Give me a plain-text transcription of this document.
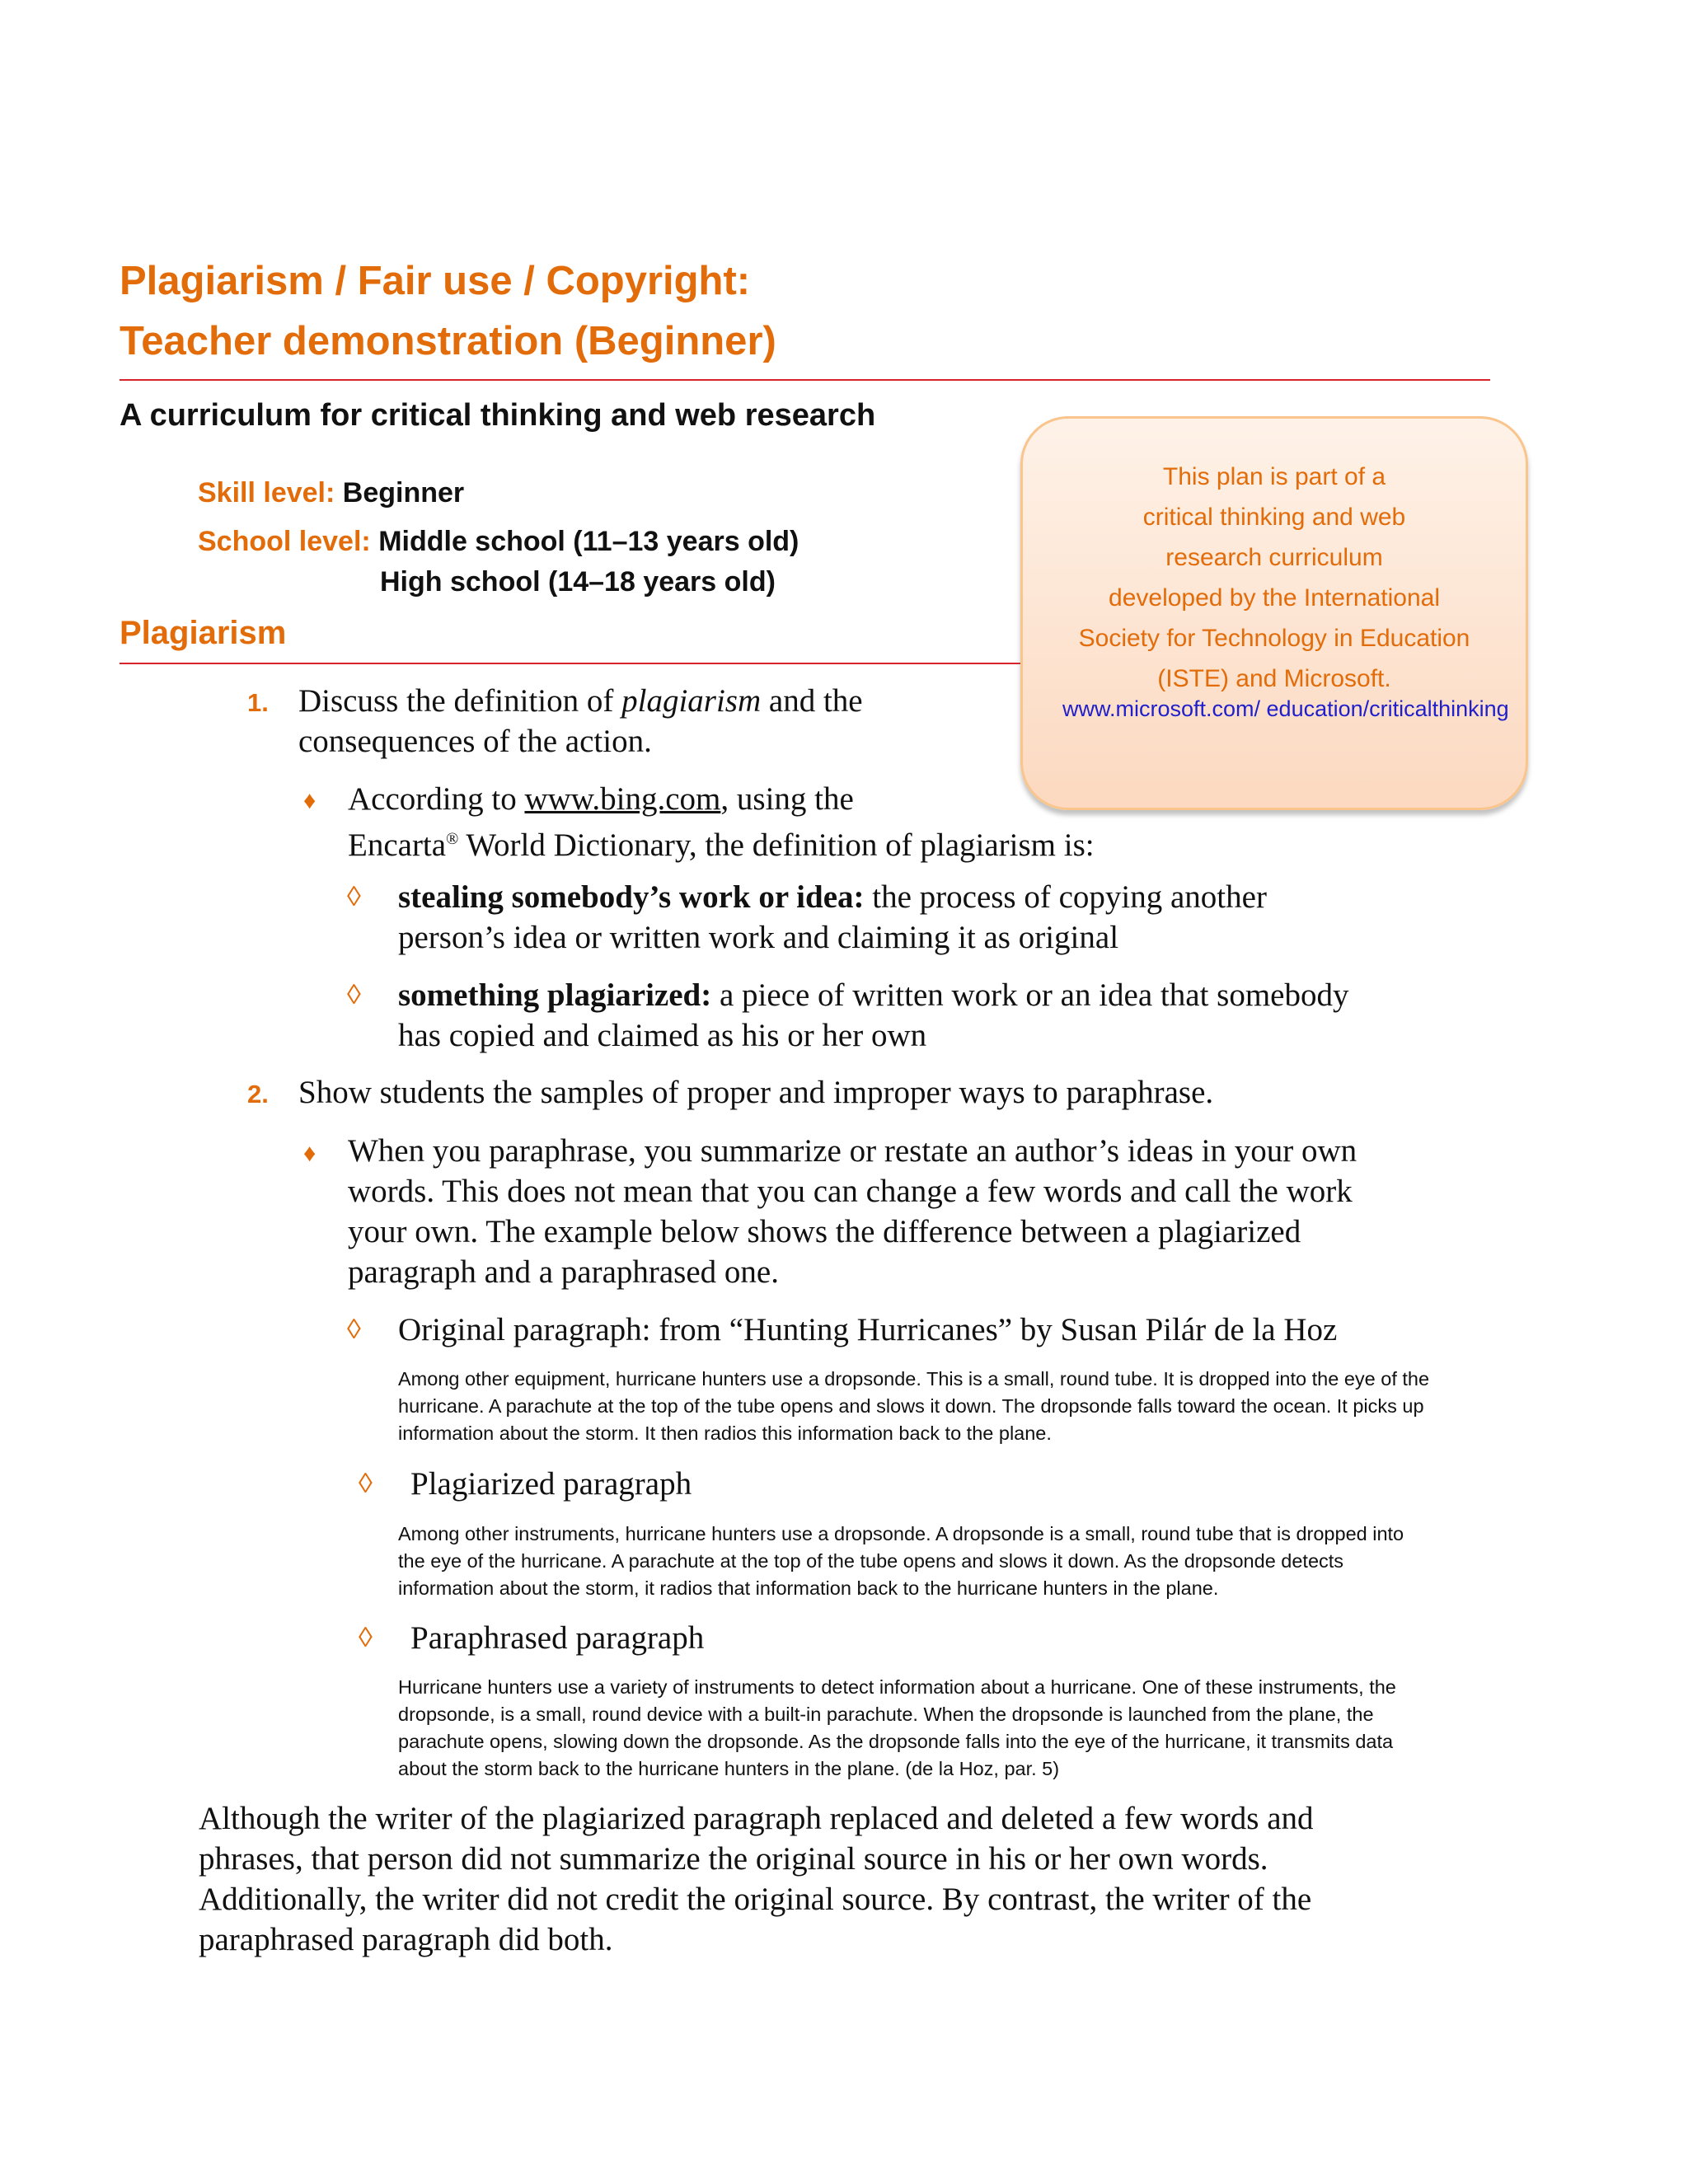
Plagiarism / Fair use / Copyright:
Teacher demonstration (Beginner)
A curriculum for critical thinking and web research
Skill level: Beginner
School level: Middle school (11–13 years old)
High school (14–18 years old)
Plagiarism
This plan is part of a
critical thinking and web
research curriculum
developed by the International
Society for Technology in Education
(ISTE) and Microsoft.
www.microsoft.com/ education/criticalthinking
1. Discuss the definition of plagiarism and the
consequences of the action.
♦ According to www.bing.com, using the
Encarta® World Dictionary, the definition of plagiarism is:
◊ stealing somebody’s work or idea: the process of copying another
person’s idea or written work and claiming it as original
◊ something plagiarized: a piece of written work or an idea that somebody
has copied and claimed as his or her own
2. Show students the samples of proper and improper ways to paraphrase.
♦ When you paraphrase, you summarize or restate an author’s ideas in your own
words. This does not mean that you can change a few words and call the work
your own. The example below shows the difference between a plagiarized
paragraph and a paraphrased one.
◊ Original paragraph: from “Hunting Hurricanes” by Susan Pilár de la Hoz
Among other equipment, hurricane hunters use a dropsonde. This is a small, round tube. It is dropped into the eye of the
hurricane. A parachute at the top of the tube opens and slows it down. The dropsonde falls toward the ocean. It picks up
information about the storm. It then radios this information back to the plane.
◊ Plagiarized paragraph
Among other instruments, hurricane hunters use a dropsonde. A dropsonde is a small, round tube that is dropped into
the eye of the hurricane. A parachute at the top of the tube opens and slows it down. As the dropsonde detects
information about the storm, it radios that information back to the hurricane hunters in the plane.
◊ Paraphrased paragraph
Hurricane hunters use a variety of instruments to detect information about a hurricane. One of these instruments, the
dropsonde, is a small, round device with a built-in parachute. When the dropsonde is launched from the plane, the
parachute opens, slowing down the dropsonde. As the dropsonde falls into the eye of the hurricane, it transmits data
about the storm back to the hurricane hunters in the plane. (de la Hoz, par. 5)
Although the writer of the plagiarized paragraph replaced and deleted a few words and
phrases, that person did not summarize the original source in his or her own words.
Additionally, the writer did not credit the original source. By contrast, the writer of the
paraphrased paragraph did both.
